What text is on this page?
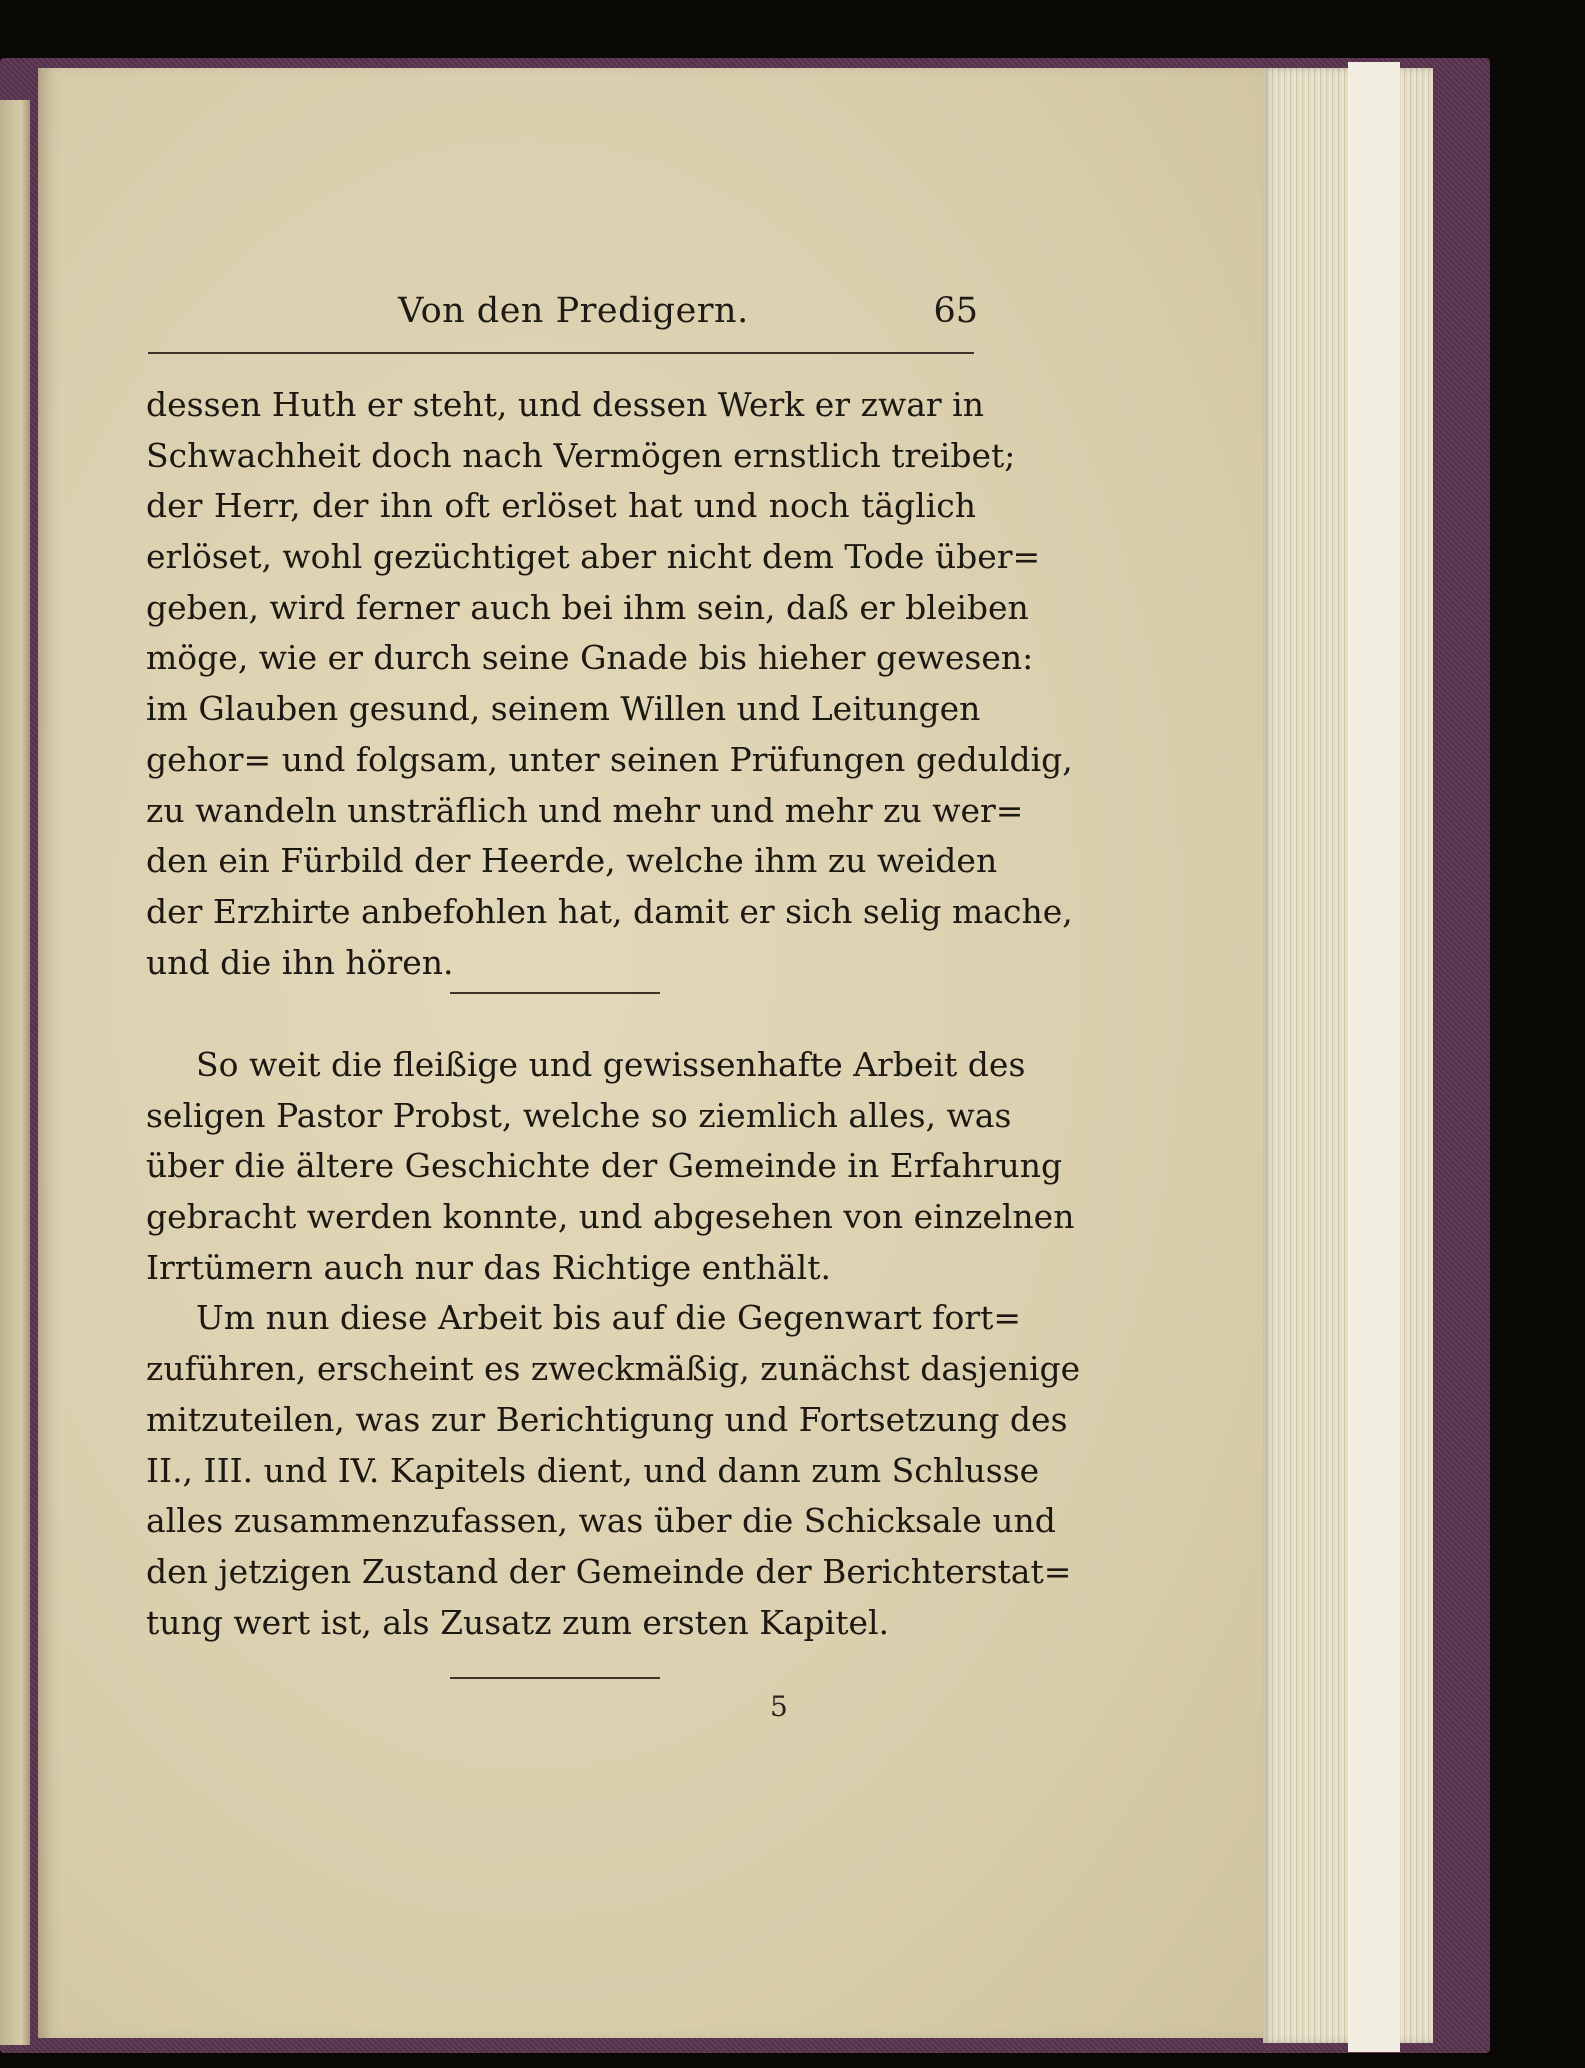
Von den Predigern.	65
dessen Huth er steht, und dessen Werk er zwar in
Schwachheit doch nach Vermögen ernstlich treibet;
der Herr, der ihn oft erlöset hat und noch täglich
erlöset, wohl gezüchtiget aber nicht dem Tode über=
geben, wird ferner auch bei ihm sein, daß er bleiben
möge, wie er durch seine Gnade bis hieher gewesen:
im Glauben gesund, seinem Willen und Leitungen
gehor= und folgsam, unter seinen Prüfungen geduldig,
zu wandeln unsträflich und mehr und mehr zu wer=
den ein Fürbild der Heerde, welche ihm zu weiden
der Erzhirte anbefohlen hat, damit er sich selig mache,
und die ihn hören.
So weit die fleißige und gewissenhafte Arbeit des
seligen Pastor Probst, welche so ziemlich alles, was
über die ältere Geschichte der Gemeinde in Erfahrung
gebracht werden konnte, und abgesehen von einzelnen
Irrtümern auch nur das Richtige enthält.
Um nun diese Arbeit bis auf die Gegenwart fort=
zuführen, erscheint es zweckmäßig, zunächst dasjenige
mitzuteilen, was zur Berichtigung und Fortsetzung des
II., III. und IV. Kapitels dient, und dann zum Schlusse
alles zusammenzufassen, was über die Schicksale und
den jetzigen Zustand der Gemeinde der Berichterstat=
tung wert ist, als Zusatz zum ersten Kapitel.
5
